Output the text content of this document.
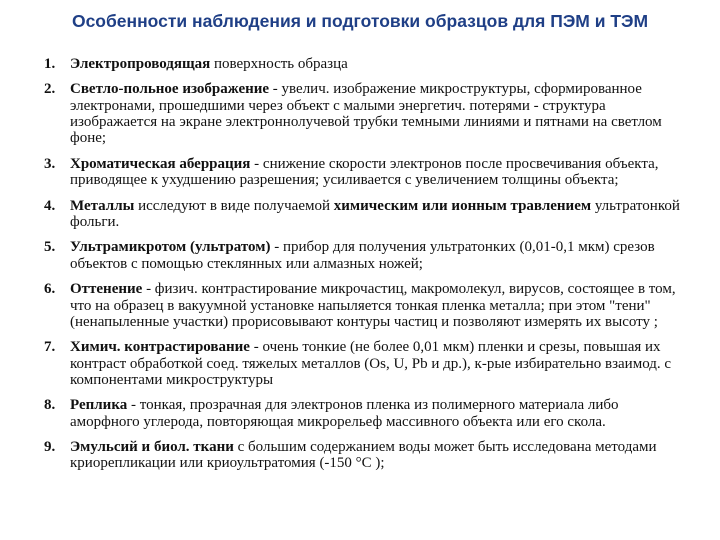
Особенности наблюдения и подготовки образцов для ПЭМ и ТЭМ
1. Электропроводящая поверхность образца
2. Светло-польное изображение - увелич. изображение микроструктуры, сформированное электронами, прошедшими через объект с малыми энергетич. потерями - структура изображается на экране электроннолучевой трубки темными линиями и пятнами на светлом фоне;
3. Хроматическая аберрация - снижение скорости электронов после просвечивания объекта, приводящее к ухудшению разрешения; усиливается с увеличением толщины объекта;
4. Металлы исследуют в виде получаемой химическим или ионным травлением ультратонкой фольги.
5. Ультрамикротом (ультратом) - прибор для получения ультратонких (0,01-0,1 мкм) срезов объектов с помощью стеклянных или алмазных ножей;
6. Оттенение - физич. контрастирование микрочастиц, макромолекул, вирусов, состоящее в том, что на образец в вакуумной установке напыляется тонкая пленка металла; при этом "тени" (ненапыленные участки) прорисовывают контуры частиц и позволяют измерять их высоту ;
7. Химич. контрастирование - очень тонкие (не более 0,01 мкм) пленки и срезы, повышая их контраст обработкой соед. тяжелых металлов (Os, U, Pb и др.), к-рые избирательно взаимод. с компонентами микроструктуры
8. Реплика - тонкая, прозрачная для электронов пленка из полимерного материала либо аморфного углерода, повторяющая микрорельеф массивного объекта или его скола.
9. Эмульсий и биол. ткани с большим содержанием воды может быть исследована методами криорепликации или криоультратомия (-150 °C );
